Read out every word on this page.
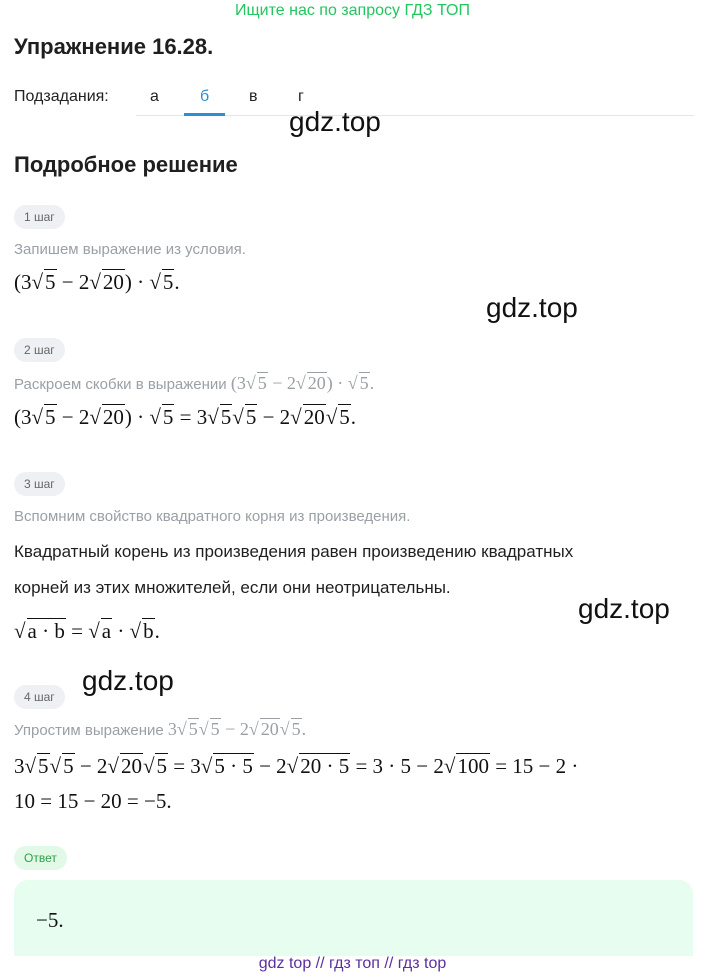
Ищите нас по запросу ГДЗ ТОП
Упражнение 16.28.
Подзадания:	а	б в	г
gdz.top
Подробное решение
1 шаг
Запишем выражение из условия.
(3√5 − 2√20) · √5.
gdz.top
2 шаг
Раскроем скобки в выражении (3√ 5 − 2√ 20) · √ 5.
(3√5 − 2√20) · √5 = 3√5√5 − 2√20√5.
3 шаг
Вспомним свойство квадратного корня из произведения.
Квадратный корень из произведения равен произведению квадратных
корней из этих множителей, если они неотрицательны.
√a · b = √a · √b.
gdz.top
gdz.top
4 шаг
Упростим выражение 3√ 5√ 5 − 2√ 20√ 5.
3√5√5 − 2√20√5 = 3√5 · 5 − 2√20 · 5 = 3 · 5 − 2√100 = 15 − 2 ·
10 = 15 − 20 = −5.
Ответ
−5.
gdz top // гдз топ // гдз top
